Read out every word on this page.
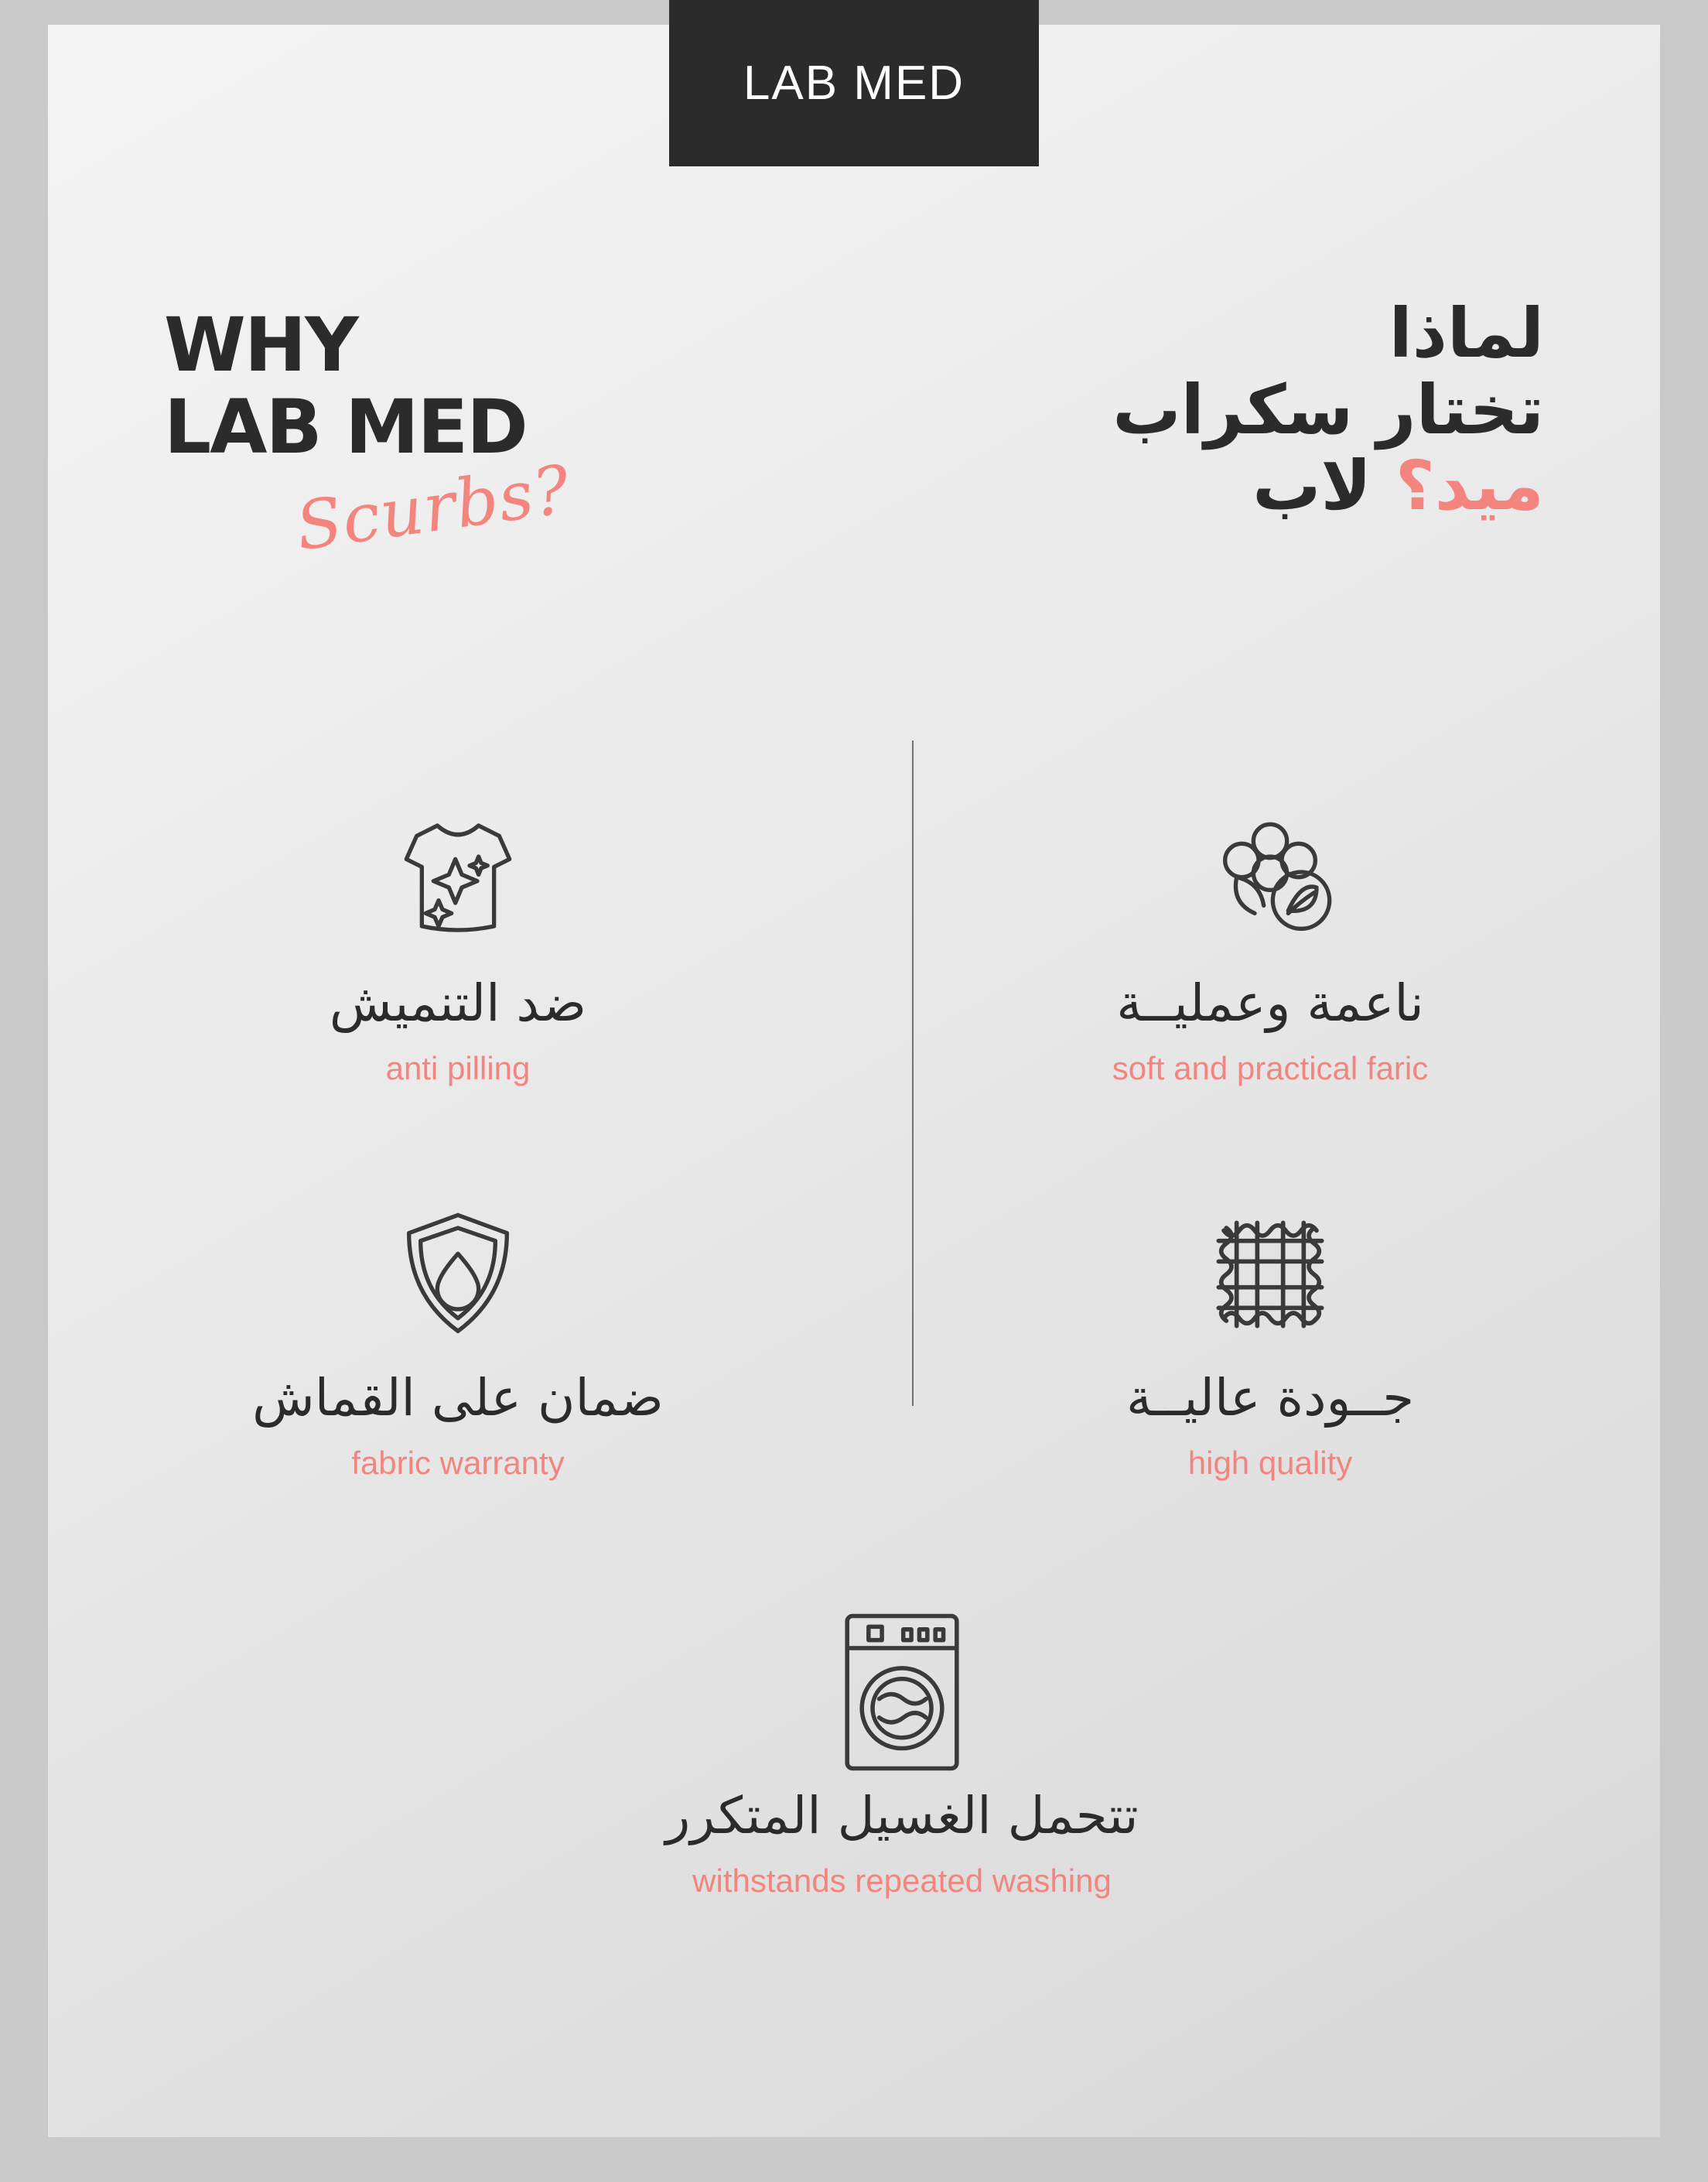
LAB MED
WHY
LAB MED
Scurbs?
لماذا
تختار سكراب
ميد؟ لاب
ضد التنميش
anti pilling
ناعمة وعمليــة
soft and practical faric
ضمان على القماش
fabric warranty
جــودة عاليــة
high quality
تتحمل الغسيل المتكرر
withstands repeated washing
